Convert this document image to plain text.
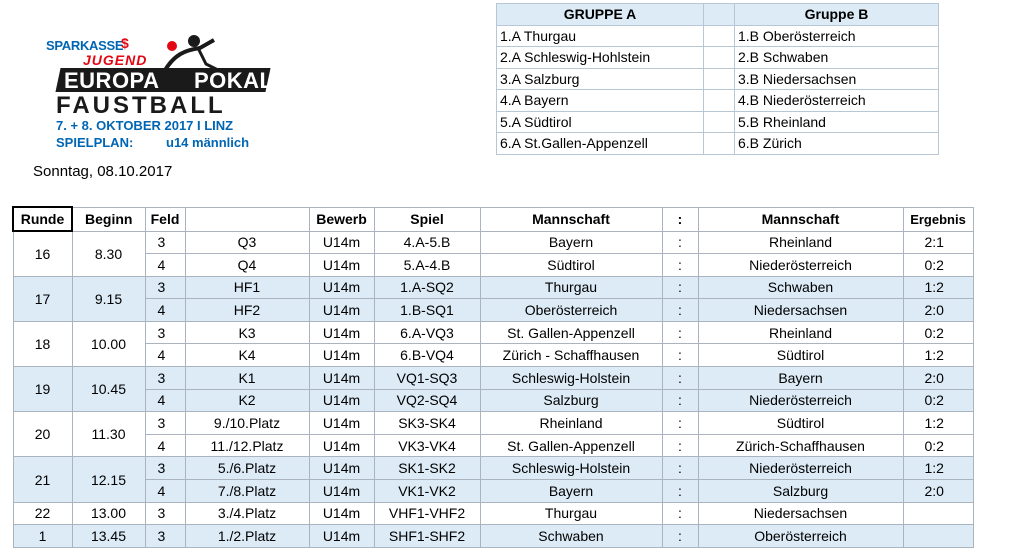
SPARKASSE
$
JUGEND
EUROPA POKAL
FAUSTBALL
7. + 8. OKTOBER 2017 I LINZ
SPIELPLAN:	u14 männlich
Sonntag, 08.10.2017
GRUPPE A		Gruppe B
1.A Thurgau		1.B Oberösterreich
2.A Schleswig-Hohlstein		2.B Schwaben
3.A Salzburg		3.B Niedersachsen
4.A Bayern		4.B Niederösterreich
5.A Südtirol		5.B Rheinland
6.A St.Gallen-Appenzell		6.B Zürich
Runde	Beginn	Feld		Bewerb	Spiel	Mannschaft	:	Mannschaft	Ergebnis
16	8.30	3	Q3	U14m	4.A-5.B	Bayern	:	Rheinland	2:1
		4	Q4	U14m	5.A-4.B	Südtirol	:	Niederösterreich	0:2
17	9.15	3	HF1	U14m	1.A-SQ2	Thurgau	:	Schwaben	1:2
		4	HF2	U14m	1.B-SQ1	Oberösterreich	:	Niedersachsen	2:0
18	10.00	3	K3	U14m	6.A-VQ3	St. Gallen-Appenzell	:	Rheinland	0:2
		4	K4	U14m	6.B-VQ4	Zürich - Schaffhausen	:	Südtirol	1:2
19	10.45	3	K1	U14m	VQ1-SQ3	Schleswig-Holstein	:	Bayern	2:0
		4	K2	U14m	VQ2-SQ4	Salzburg	:	Niederösterreich	0:2
20	11.30	3	9./10.Platz	U14m	SK3-SK4	Rheinland	:	Südtirol	1:2
		4	11./12.Platz	U14m	VK3-VK4	St. Gallen-Appenzell	:	Zürich-Schaffhausen	0:2
21	12.15	3	5./6.Platz	U14m	SK1-SK2	Schleswig-Holstein	:	Niederösterreich	1:2
		4	7./8.Platz	U14m	VK1-VK2	Bayern	:	Salzburg	2:0
22	13.00	3	3./4.Platz	U14m	VHF1-VHF2	Thurgau	:	Niedersachsen	
1	13.45	3	1./2.Platz	U14m	SHF1-SHF2	Schwaben	:	Oberösterreich	
